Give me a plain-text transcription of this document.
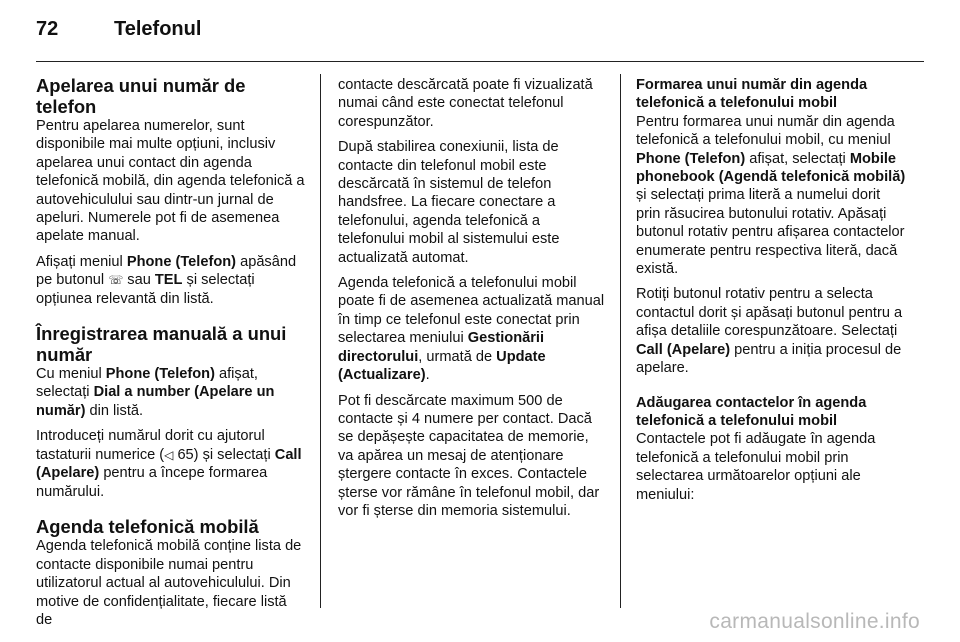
72	Telefonul
Apelarea unui număr de telefon

Pentru apelarea numerelor, sunt disponibile mai multe opțiuni, inclusiv apelarea unui contact din agenda telefonică mobilă, din agenda telefonică a autovehiculului sau dintr-un jurnal de apeluri. Numerele pot fi de asemenea apelate manual.

Afișați meniul Phone (Telefon) apăsând pe butonul ☏ sau TEL și selectați opțiunea relevantă din listă.

Înregistrarea manuală a unui număr

Cu meniul Phone (Telefon) afișat, selectați Dial a number (Apelare un număr) din listă.

Introduceți numărul dorit cu ajutorul tastaturii numerice (◁ 65) și selectați Call (Apelare) pentru a începe formarea numărului.

Agenda telefonică mobilă

Agenda telefonică mobilă conține lista de contacte disponibile numai pentru utilizatorul actual al autovehiculului. Din motive de confidențialitate, fiecare listă de

contacte descărcată poate fi vizualizată numai când este conectat telefonul corespunzător.

După stabilirea conexiunii, lista de contacte din telefonul mobil este descărcată în sistemul de telefon handsfree. La fiecare conectare a telefonului, agenda telefonică a telefonului mobil al sistemului este actualizată automat.

Agenda telefonică a telefonului mobil poate fi de asemenea actualizată manual în timp ce telefonul este conectat prin selectarea meniului Gestionării directorului, urmată de Update (Actualizare).

Pot fi descărcate maximum 500 de contacte și 4 numere per contact. Dacă se depășește capacitatea de memorie, va apărea un mesaj de atenționare ștergere contacte în exces. Contactele șterse vor rămâne în telefonul mobil, dar vor fi șterse din memoria sistemului.

Formarea unui număr din agenda telefonică a telefonului mobil

Pentru formarea unui număr din agenda telefonică a telefonului mobil, cu meniul Phone (Telefon) afișat, selectați Mobile phonebook (Agendă telefonică mobilă) și selectați prima literă a numelui dorit prin răsucirea butonului rotativ. Apăsați butonul rotativ pentru afișarea contactelor enumerate pentru respectiva literă, dacă există.

Rotiți butonul rotativ pentru a selecta contactul dorit și apăsați butonul pentru a afișa detaliile corespunzătoare. Selectați Call (Apelare) pentru a iniția procesul de apelare.

Adăugarea contactelor în agenda telefonică a telefonului mobil

Contactele pot fi adăugate în agenda telefonică a telefonului mobil prin selectarea următoarelor opțiuni ale meniului:

carmanualsonline.info
